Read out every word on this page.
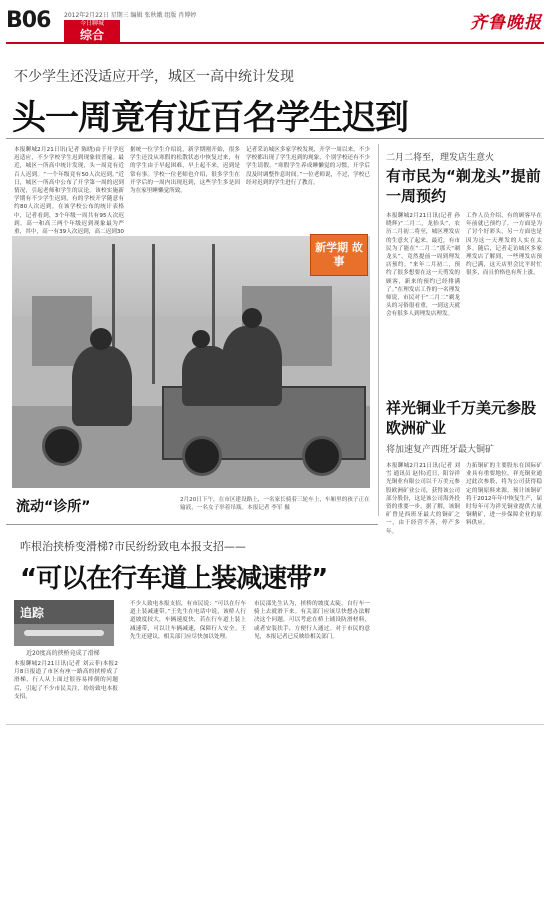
B06 2012年2月22日 星期三 编辑 张秋娥 组版 肖博婷
今日聊城
综合
齐鲁晚报
不少学生还没适应开学，城区一高中统计发现
头一周竟有近百名学生迟到
本报聊城2月21日讯(记者 陈晓)由于开学迟迟适应，不少学校学生迟到现象较普遍。最近，城区一所高中统计发现，头一周竟有近百人迟到。“一个年级竟有50人次迟到。”近日，城区一所高中公布了开学第一周的迟到情况，引起老师和学生的议论。该校实施新学期有不少学生迟到，有的学校开学随意有约80人次迟到。在该学校公布的统计表格中，记者看到，3个年级一周共有95人次迟到，高一和高三两个年级迟到现象最为严重，其中，高一有39人次迟到，高二迟到30
据统一位学生介绍说，新学期刚开始，很多学生还没从寒假的松散状态中恢复过来，有的学生由于早起困难，早上起不来，迟到是常有事。学校一位老师也介绍，很多学生在开学后的一周内出现迟到，这些学生多是因为在家里睡懒觉所致。
记者采访城区多家学校发现，开学一周以来，不少学校都出现了学生迟到的现象，个别学校还有不少学生请假。“寒假学生养成睡懒觉的习惯，开学后没及时调整作息时间。”一位老师说，不过，学校已经对迟到的学生进行了教育。
新学期 故事
流动“诊所”	2月20日下午，在市区建设路上，一名家长骑着三轮车上，车厢里的孩子正在输液，一名女子举着吊瓶。本报记者 李军 摄
二月二将至，理发店生意火
有市民为“剃龙头”提前一周预约
本报聊城2月21日讯(记者 孙晓辉)“二月二，龙抬头”，农历二月初二将至，城区理发店的生意火了起来。最近，有市民为了能在“二月二”那天“剃龙头”，竟然提前一周到理发店预约。“来年二月初二，预约了很多想要在这一天剪发的顾客，新来的预约已经排满了。”在理发店工作的一名理发师说，市民对于“二月二”剃龙头的习俗很看重，一到这天就会有很多人到理发店理发。
工作人员介绍，有的顾客早在年前就已预约了，一方面是为了讨个好彩头，另一方面也是因为这一天理发的人实在太多。随后，记者走访城区多家理发店了解到，一些理发店预约已满，这天店里会比平时忙很多，而且价格也有所上涨。
祥光铜业千万美元参股欧洲矿业
将加速复产西班牙最大铜矿
本报聊城2月21日讯(记者 刘雪 通讯员 赵伟)近日，阳谷祥光铜业有限公司以千万美元参股欧洲矿业公司，获得该公司部分股份，这是该公司海外投资的重要一步。据了解，该铜矿曾是西班牙最大的铜矿之一，由于经营不善，停产多年。
力拓铜矿的主要股东在国际矿业具有重要地位，祥光铜业通过此次参股，将为公司获得稳定的铜原料来源。预计该铜矿将于2012年年中恢复生产，届时每年可为祥光铜业提供大量铜精矿，进一步保障企业的原料供应。
咋根治挟桥变滑梯?市民纷纷致电本报支招——
“可以在行车道上装减速带”
追踪
近20度高的挟桥竟成了滑梯
本报聊城2月21日讯(记者 刘云菲)本报2月8日报道了市区有座一路高的挟桥成了滑梯，行人从上面过很容易摔倒的问题后，引起了不少市民关注，纷纷致电本报支招。
不少人致电本报支招，有市民说：“可以在行车道上装减速带。”王先生在电话中说，该桥人行道坡度较大，车辆速度快，若在行车道上装上减速带，可以让车辆减速，保障行人安全。王先生还建议，相关部门应尽快加以处理。
市民邵先生认为，挟桥的坡度太陡，自行车一骑上去就滑下来。有关部门应该尽快想办法解决这个问题，可以考虑在桥上铺设防滑材料，或者安装扶手，方便行人通过。对于市民的意见，本报记者已反映给相关部门。
